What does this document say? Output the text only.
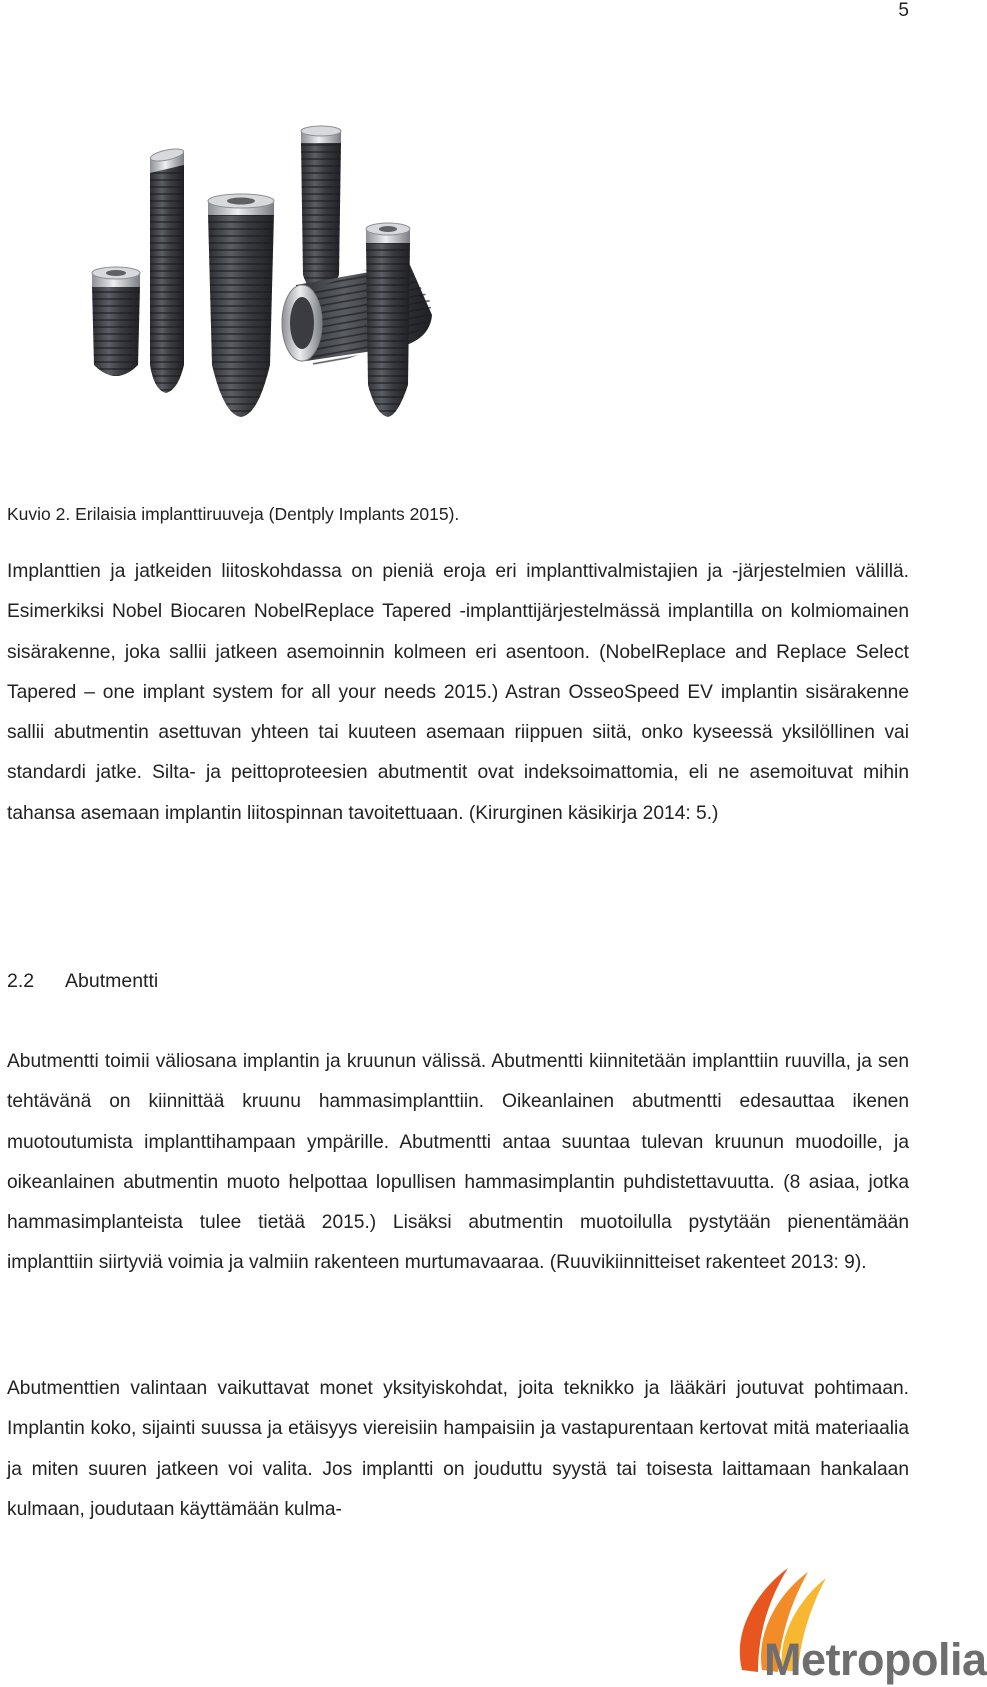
5
Kuvio 2. Erilaisia implanttiruuveja (Dentply Implants 2015).

Implanttien ja jatkeiden liitoskohdassa on pieniä eroja eri implanttivalmistajien ja -järjestelmien välillä. Esimerkiksi Nobel Biocaren NobelReplace Tapered -implanttijärjestelmässä implantilla on kolmiomainen sisärakenne, joka sallii jatkeen asemoinnin kolmeen eri asentoon. (NobelReplace and Replace Select Tapered – one implant system for all your needs 2015.) Astran OsseoSpeed EV implantin sisärakenne sallii abutmentin asettuvan yhteen tai kuuteen asemaan riippuen siitä, onko kyseessä yksilöllinen vai standardi jatke. Silta- ja peittoproteesien abutmentit ovat indeksoimattomia, eli ne asemoituvat mihin tahansa asemaan implantin liitospinnan tavoitettuaan. (Kirurginen käsikirja 2014: 5.)

2.2 Abutmentti

Abutmentti toimii väliosana implantin ja kruunun välissä. Abutmentti kiinnitetään implanttiin ruuvilla, ja sen tehtävänä on kiinnittää kruunu hammasimplanttiin. Oikeanlainen abutmentti edesauttaa ikenen muotoutumista implanttihampaan ympärille. Abutmentti antaa suuntaa tulevan kruunun muodoille, ja oikeanlainen abutmentin muoto helpottaa lopullisen hammasimplantin puhdistettavuutta. (8 asiaa, jotka hammasimplanteista tulee tietää 2015.) Lisäksi abutmentin muotoilulla pystytään pienentämään implanttiin siirtyviä voimia ja valmiin rakenteen murtumavaaraa. (Ruuvikiinnitteiset rakenteet 2013: 9).

Abutmenttien valintaan vaikuttavat monet yksityiskohdat, joita teknikko ja lääkäri joutuvat pohtimaan. Implantin koko, sijainti suussa ja etäisyys viereisiin hampaisiin ja vastapurentaan kertovat mitä materiaalia ja miten suuren jatkeen voi valita. Jos implantti on jouduttu syystä tai toisesta laittamaan hankalaan kulmaan, joudutaan käyttämään kulma-

Metropolia
